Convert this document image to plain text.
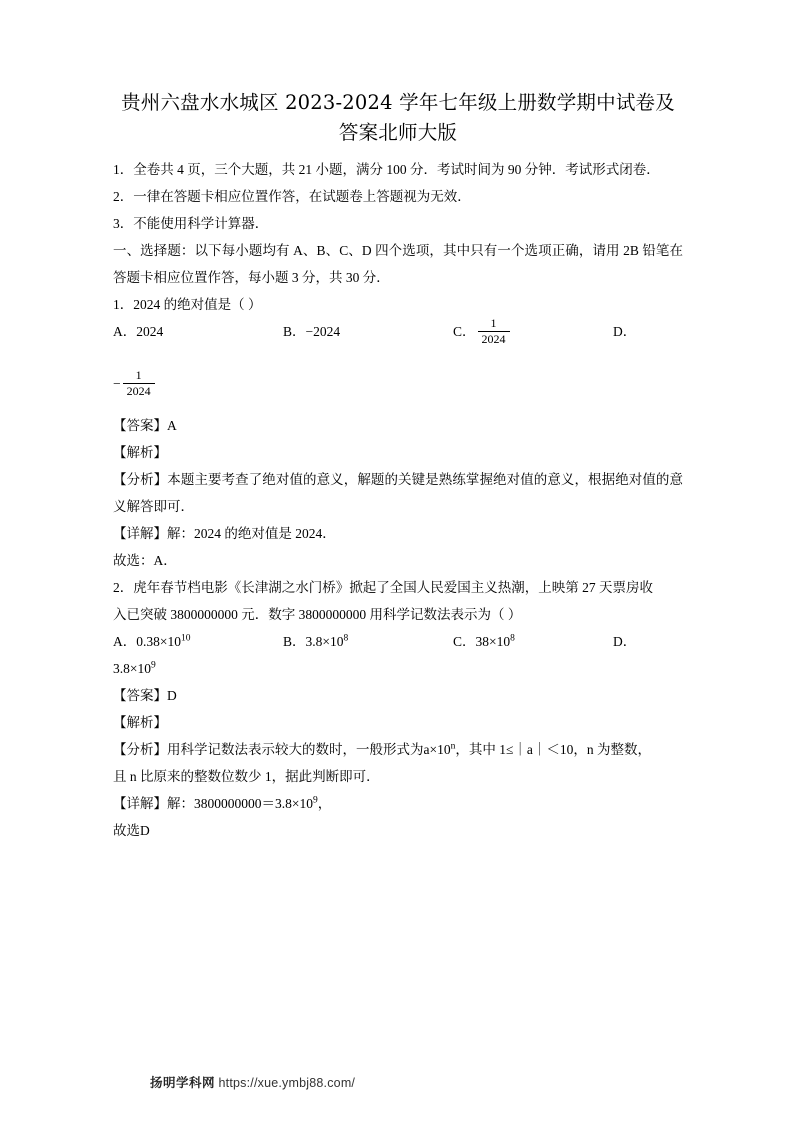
贵州六盘水水城区 2023-2024 学年七年级上册数学期中试卷及答案北师大版

1．全卷共 4 页，三个大题，共 21 小题，满分 100 分．考试时间为 90 分钟．考试形式闭卷．

2．一律在答题卡相应位置作答，在试题卷上答题视为无效．

3．不能使用科学计算器．

一、选择题：以下每小题均有 A、B、C、D 四个选项，其中只有一个选项正确，请用 2B 铅笔在答题卡相应位置作答，每小题 3 分，共 30 分．

1．2024 的绝对值是（ ）

A．2024	B．−2024	C． $\frac{1}{2024}$	D．
− $\frac{1}{2024}$

【答案】A

【解析】

【分析】本题主要考查了绝对值的意义，解题的关键是熟练掌握绝对值的意义，根据绝对值的意义解答即可．

【详解】解：2024 的绝对值是 2024．

故选：A．

2．虎年春节档电影《长津湖之水门桥》掀起了全国人民爱国主义热潮，上映第 27 天票房收

入已突破 3800000000 元．数字 3800000000 用科学记数法表示为（ ）

A．$0.38\times 10^{10}$	B．$3.8\times 10^8$	C．$38\times 10^8$	D．

$3.8\times 10^9$

【答案】D

【解析】

【分析】用科学记数法表示较大的数时，一般形式为$a\times 10^n$，其中 1≤｜a｜＜10，n 为整数，

且 n 比原来的整数位数少 1，据此判断即可．

【详解】解：$3800000000=3.8\times 10^9$，

故选D

扬明学科网 https://xue.ymbj88.com/
